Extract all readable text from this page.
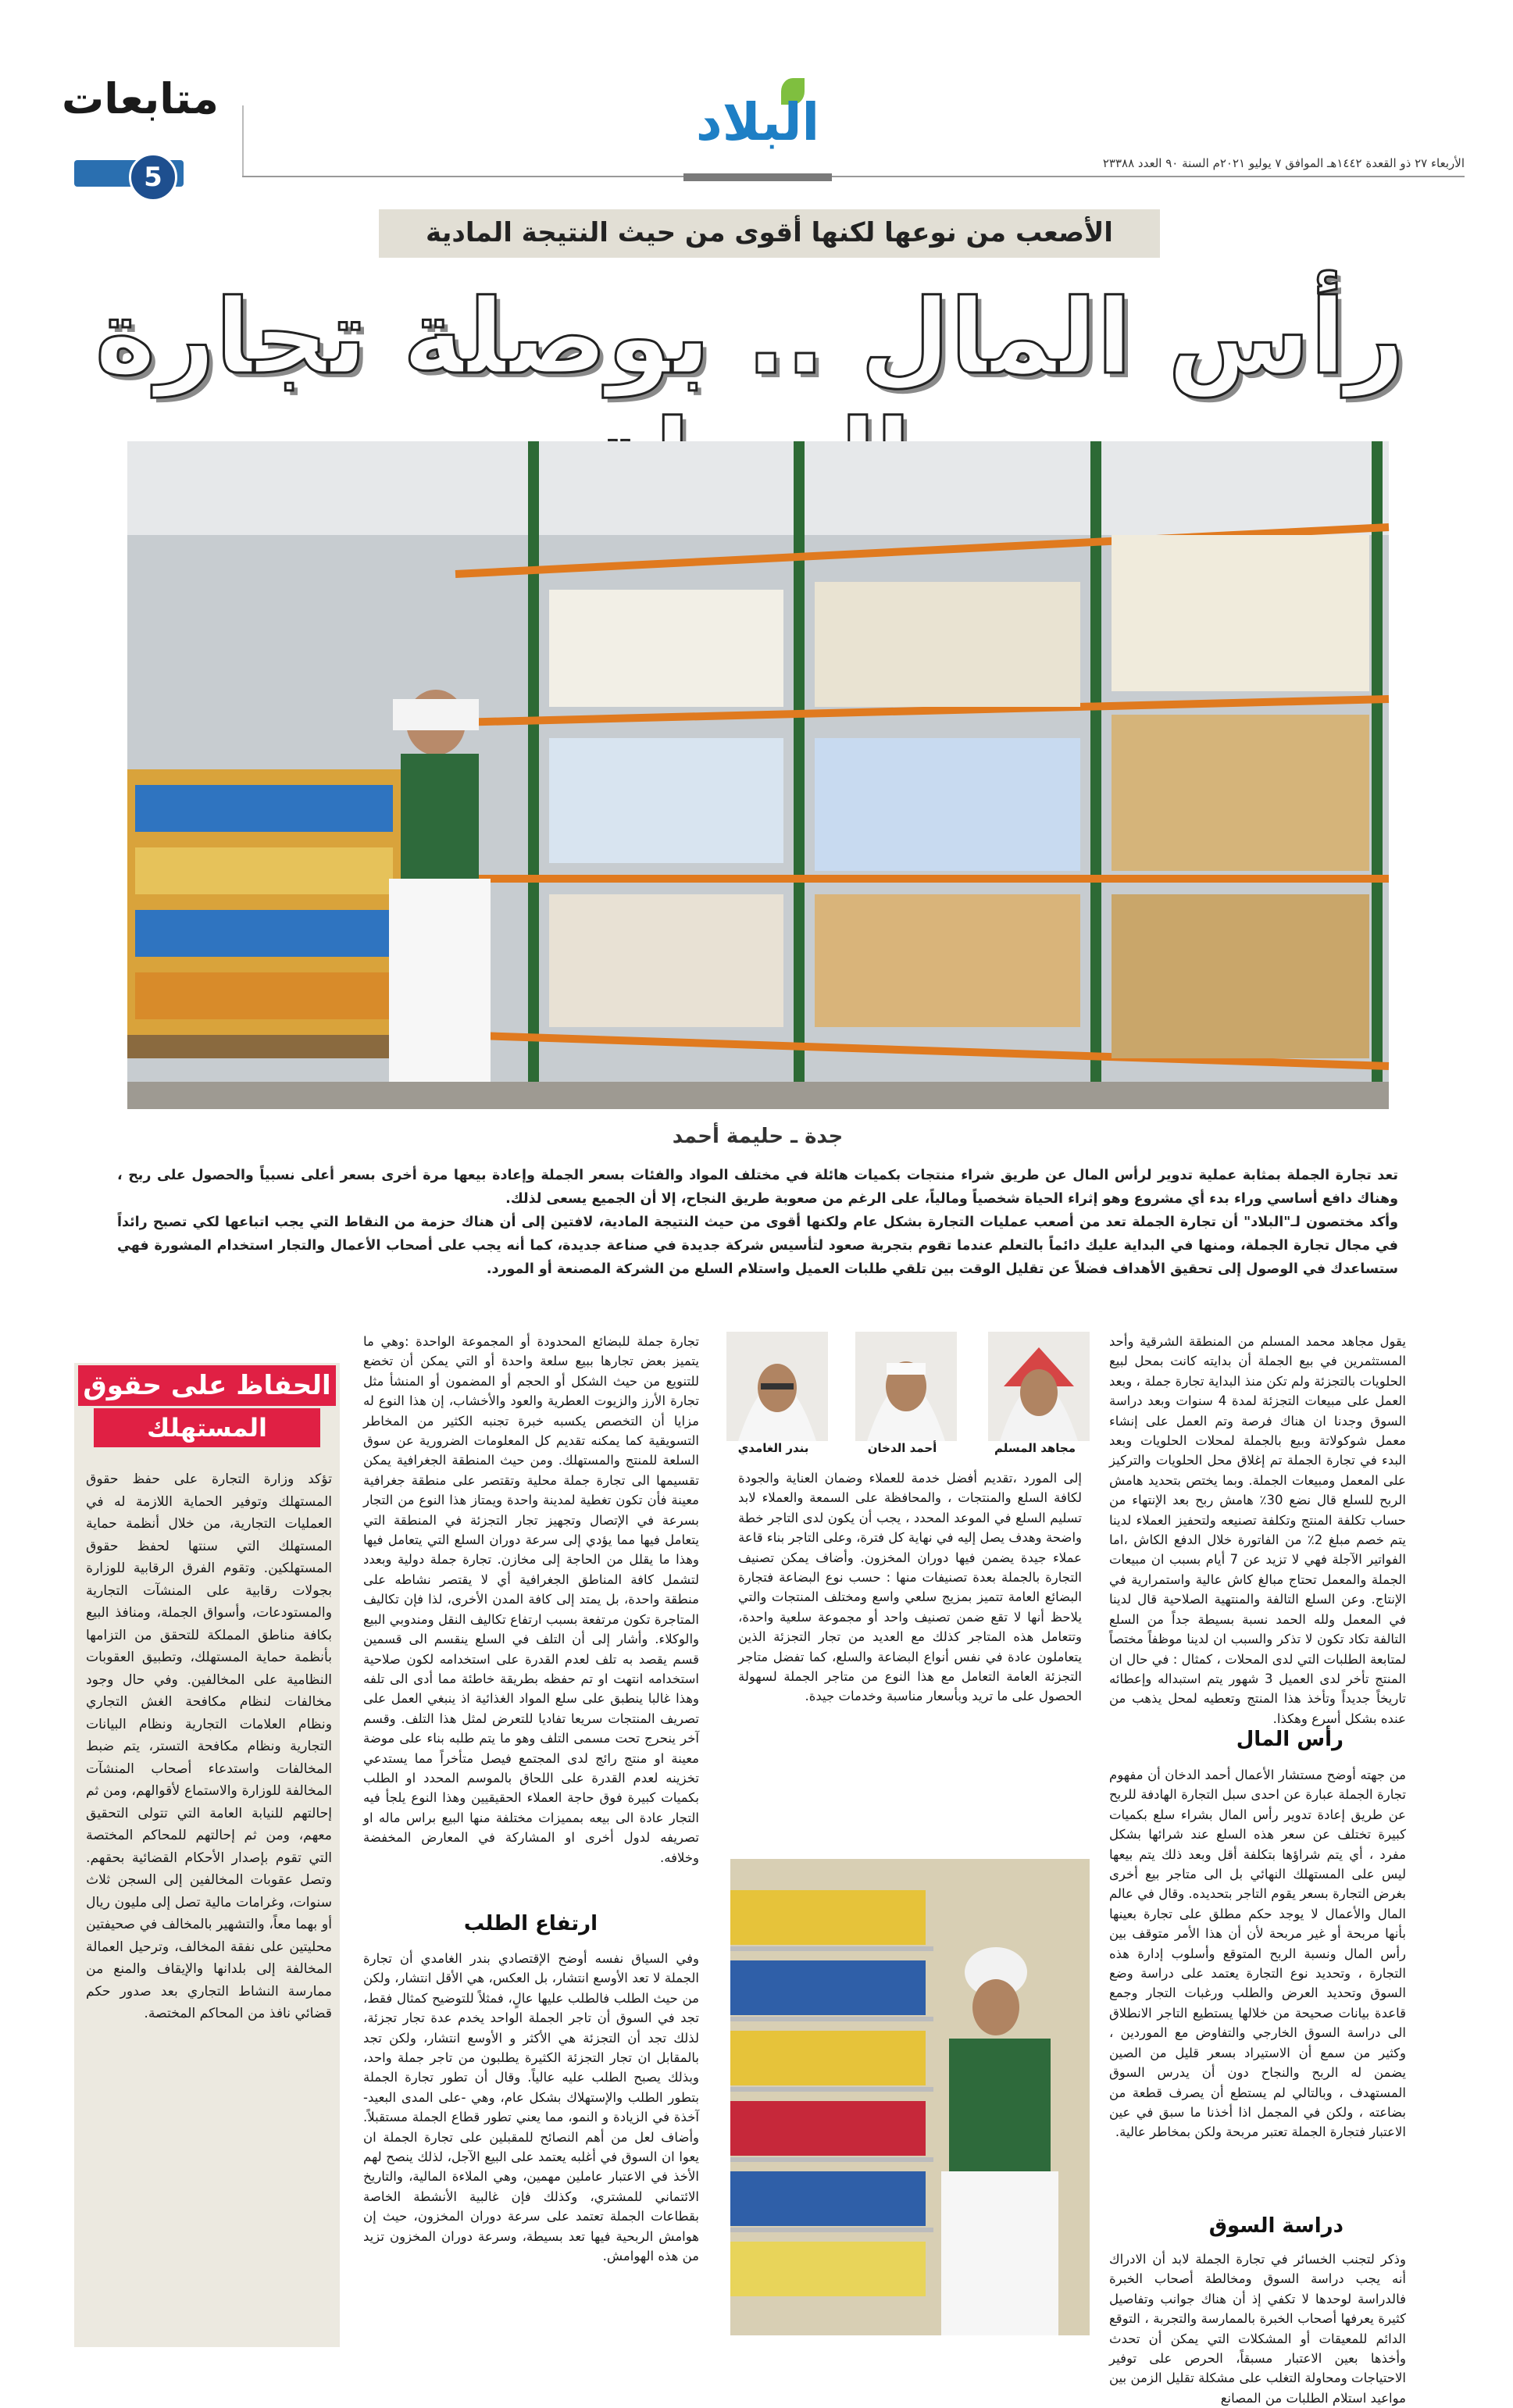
متابعات
5
البلاد
الأربعاء ٢٧ ذو القعدة ١٤٤٢هـ الموافق ٧ يوليو ٢٠٢١م السنة ٩٠ العدد ٢٣٣٨٨
الأصعب من نوعها لكنها أقوى من حيث النتيجة المادية
رأس المال .. بوصلة تجارة
جدة ـ حليمة أحمد

تعد تجارة الجملة بمثابة عملية تدوير لرأس المال عن طريق شراء منتجات بكميات هائلة في مختلف المواد والفئات بسعر الجملة وإعادة بيعها مرة أخرى بسعر أعلى نسبياً والحصول على ربح ، وهناك دافع أساسي وراء بدء أي مشروع وهو إثراء الحياة شخصياً ومالياً، على الرغم من صعوبة طريق النجاح، إلا أن الجميع يسعى لذلك.

وأكد مختصون لـ"البلاد" أن تجارة الجملة تعد من أصعب عمليات التجارة بشكل عام ولكنها أقوى من حيث النتيجة المادية، لافتين إلى أن هناك حزمة من النقاط التي يجب اتباعها لكي تصبح رائداً في مجال تجارة الجملة، ومنها في البداية عليك دائماً بالتعلم عندما تقوم بتجربة صعود لتأسيس شركة جديدة في صناعة جديدة، كما أنه يجب على أصحاب الأعمال والتجار استخدام المشورة فهي ستساعدك في الوصول إلى تحقيق الأهداف فضلاً عن تقليل الوقت بين تلقي طلبات العميل واستلام السلع من الشركة المصنعة أو المورد.

مجاهد المسلم
أحمد الدخان
بندر الغامدي
يقول مجاهد محمد المسلم من المنطقة الشرقية وأحد المستثمرين في بيع الجملة أن بدايته كانت بمحل لبيع الحلويات بالتجزئة ولم تكن منذ البداية تجارة جملة ، وبعد العمل على مبيعات التجزئة لمدة 4 سنوات وبعد دراسة السوق وجدنا ان هناك فرصة وتم العمل على إنشاء معمل شوكولاتة وبيع بالجملة لمحلات الحلويات وبعد البدء في تجارة الجملة تم إغلاق محل الحلويات والتركيز على المعمل ومبيعات الجملة. وبما يختص بتحديد هامش الربح للسلع قال نضع 30٪ هامش ربح بعد الإنتهاء من حساب تكلفة المنتج وتكلفة تصنيعه ولتحفيز العملاء لدينا يتم خصم مبلغ 2٪ من الفاتورة خلال الدفع الكاش ،اما الفواتير الآجلة فهي لا تزيد عن 7 أيام بسبب ان مبيعات الجملة والمعمل تحتاج مبالغ كاش عالية واستمرارية في الإنتاج. وعن السلع التالفة والمنتهية الصلاحية قال لدينا في المعمل ولله الحمد نسبة بسيطة جداً من السلع التالفة تكاد تكون لا تذكر والسبب ان لدينا موظفاً مختصاً لمتابعة الطلبات التي لدى المحلات ، كمثال : في حال ان المنتج تأخر لدى العميل 3 شهور يتم استبداله وإعطائه تاريخاً جديداً وتأخذ هذا المنتج وتعطيه لمحل يذهب من عنده بشكل أسرع وهكذا.
رأس المال
من جهته أوضح مستشار الأعمال أحمد الدخان أن مفهوم تجارة الجملة عبارة عن احدى سبل التجارة الهادفة للربح عن طريق إعادة تدوير رأس المال بشراء سلع بكميات كبيرة تختلف عن سعر هذه السلع عند شرائها بشكل مفرد ، أي يتم شراؤها بتكلفة أقل وبعد ذلك يتم بيعها ليس على المستهلك النهائي بل الى متاجر بيع أخرى بغرض التجارة بسعر يقوم التاجر بتحديده. وقال في عالم المال والأعمال لا يوجد حكم مطلق على تجارة بعينها بأنها مربحة أو غير مربحة لأن أن هذا الأمر متوقف بين رأس المال ونسبة الربح المتوقع وأسلوب إدارة هذه التجارة ، وتحديد نوع التجارة يعتمد على دراسة وضع السوق وتحديد العرض والطلب ورغبات التجار وجمع قاعدة بيانات صحيحة من خلالها يستطيع التاجر الانطلاق الى دراسة السوق الخارجي والتفاوض مع الموردين ، وكثير من سمع أن الاستيراد بسعر قليل من الصين يضمن له الربح والنجاح دون أن يدرس السوق المستهدف ، وبالتالي لم يستطع أن يصرف قطعة من بضاعته ، ولكن في المجمل اذا أخذنا ما سبق في عين الاعتبار فتجارة الجملة تعتبر مربحة ولكن بمخاطر عالية.
دراسة السوق
وذكر لتجنب الخسائر في تجارة الجملة لابد أن الادراك أنه يجب دراسة السوق ومخالطة أصحاب الخبرة فالدراسة لوحدها لا تكفي إذ أن هناك جوانب وتفاصيل كثيرة يعرفها أصحاب الخبرة بالممارسة والتجربة ، التوقع الدائم للمعيقات أو المشكلات التي يمكن أن تحدث وأخذها بعين الاعتبار مسبقاً، الحرص على توفير الاحتياجات ومحاولة التغلب على مشكلة تقليل الزمن بين مواعيد استلام الطلبات من المصانع
إلى المورد ،تقديم أفضل خدمة للعملاء وضمان العناية والجودة لكافة السلع والمنتجات ، والمحافظة على السمعة والعملاء لابد تسليم السلع في الموعد المحدد ، يجب أن يكون لدى التاجر خطة واضحة وهدف يصل إليه في نهاية كل فترة، وعلى التاجر بناء قاعة عملاء جيدة يضمن فيها دوران المخزون. وأضاف يمكن تصنيف التجارة بالجملة بعدة تصنيفات منها : حسب نوع البضاعة فتجارة البضائع العامة تتميز بمزيج سلعي واسع ومختلف المنتجات والتي يلاحظ أنها لا تقع ضمن تصنيف واحد أو مجموعة سلعية واحدة، وتتعامل هذه المتاجر كذلك مع العديد من تجار التجزئة الذين يتعاملون عادة في نفس أنواع البضاعة والسلع، كما تفضل متاجر التجزئة العامة التعامل مع هذا النوع من متاجر الجملة لسهولة الحصول على ما تريد وبأسعار مناسبة وخدمات جيدة.
تجارة جملة للبضائع المحدودة أو المجموعة الواحدة :وهي ما يتميز بعض تجارها ببيع سلعة واحدة أو التي يمكن أن تخضع للتنويع من حيث الشكل أو الحجم أو المضمون أو المنشأ مثل تجارة الأرز والزيوت العطرية والعود والأخشاب، إن هذا النوع له مزايا أن التخصص يكسبه خبرة تجنبه الكثير من المخاطر التسويقية كما يمكنه تقديم كل المعلومات الضرورية عن سوق السلعة للمنتج والمستهلك. ومن حيث المنطقة الجغرافية يمكن تقسيمها الى تجارة جملة محلية وتقتصر على منطقة جغرافية معينة فأن تكون تغطية لمدينة واحدة ويمتاز هذا النوع من التجار بسرعة في الإتصال وتجهيز تجار التجزئة في المنطقة التي يتعامل فيها مما يؤدي إلى سرعة دوران السلع التي يتعامل فيها وهذا ما يقلل من الحاجة إلى مخازن. تجارة جملة دولية وبعدد لتشمل كافة المناطق الجغرافية أي لا يقتصر نشاطه على منطقة واحدة، بل يمتد إلى كافة المدن الأخرى، لذا فإن تكاليف المتاجرة تكون مرتفعة بسبب ارتفاع تكاليف النقل ومندوبي البيع والوكلاء. وأشار إلى أن التلف في السلع ينقسم الى قسمين قسم يقصد به تلف لعدم القدرة على استخدامه لكون صلاحية استخدامه انتهت او تم حفظه بطريقة خاطئة مما أدى الى تلفه وهذا غالبا ينطبق على سلع المواد الغذائية اذ ينبغي العمل على تصريف المنتجات سريعا تفاديا للتعرض لمثل هذا التلف. وقسم آخر ينحرج تحت مسمى التلف وهو ما يتم طلبه بناء على موضة معينة او منتج رائج لدى المجتمع فيصل متأخراً مما يستدعي تخزينه لعدم القدرة على اللحاق بالموسم المحدد او الطلب بكميات كبيرة فوق حاجة العملاء الحقيقيين وهذا النوع يلجأ فيه التجار عادة الى بيعه بمميزات مختلفة منها البيع براس ماله او تصريفه لدول أخرى او المشاركة في المعارض المخفضة وخلافه.
ارتفاع الطلب
وفي السياق نفسه أوضح الإقتصادي بندر الغامدي أن تجارة الجملة لا تعد الأوسع انتشار، بل العكس، هي الأقل انتشار، ولكن من حيث الطلب فالطلب عليها عالٍ، فمثلاً للتوضيح كمثال فقط، تجد في السوق أن تاجر الجملة الواحد يخدم عدة تجار تجزئة، لذلك تجد أن التجزئة هي الأكثر و الأوسع انتشار، ولكن تجد بالمقابل ان تجار التجزئة الكثيرة يطلبون من تاجر جملة واحد، وبذلك يصبح الطلب عليه عالياً. وقال أن تطور تجارة الجملة بتطور الطلب والإستهلاك بشكل عام، وهي -على المدى البعيد- آخذة في الزيادة و النمو، مما يعني تطور قطاع الجملة مستقبلاً. وأضاف لعل من أهم النصائح للمقبلين على تجارة الجملة ان يعوا ان السوق في أغلبه يعتمد على البيع الآجل، لذلك ينصح لهم الأخذ في الاعتبار عاملين مهمين، وهي الملاءة المالية، والتاريخ الائتماني للمشتري، وكذلك فإن غالبية الأنشطة الخاصة بقطاعات الجملة تعتمد على سرعة دوران المخزون، حيث إن هوامش الربحية فيها تعد بسيطة، وسرعة دوران المخزون تزيد من هذه الهوامش.
الحفاظ على حقوق
المستهلك
تؤكد وزارة التجارة على حفظ حقوق المستهلك وتوفير الحماية اللازمة له في العمليات التجارية، من خلال أنظمة حماية المستهلك التي سنتها لحفظ حقوق المستهلكين. وتقوم الفرق الرقابية للوزارة بجولات رقابية على المنشآت التجارية والمستودعات، وأسواق الجملة، ومنافذ البيع بكافة مناطق المملكة للتحقق من التزامها بأنظمة حماية المستهلك، وتطبيق العقوبات النظامية على المخالفين. وفي حال وجود مخالفات لنظام مكافحة الغش التجاري ونظام العلامات التجارية ونظام البيانات التجارية ونظام مكافحة التستر، يتم ضبط المخالفات واستدعاء أصحاب المنشآت المخالفة للوزارة والاستماع لأقوالهم، ومن ثم إحالتهم للنيابة العامة التي تتولى التحقيق معهم، ومن ثم إحالتهم للمحاكم المختصة التي تقوم بإصدار الأحكام القضائية بحقهم. وتصل عقوبات المخالفين إلى السجن ثلاث سنوات، وغرامات مالية تصل إلى مليون ريال أو بهما معاً، والتشهير بالمخالف في صحيفتين محليتين على نفقة المخالف، وترحيل العمالة المخالفة إلى بلدانها والإيقاف والمنع من ممارسة النشاط التجاري بعد صدور حكم قضائي نافذ من المحاكم المختصة.
